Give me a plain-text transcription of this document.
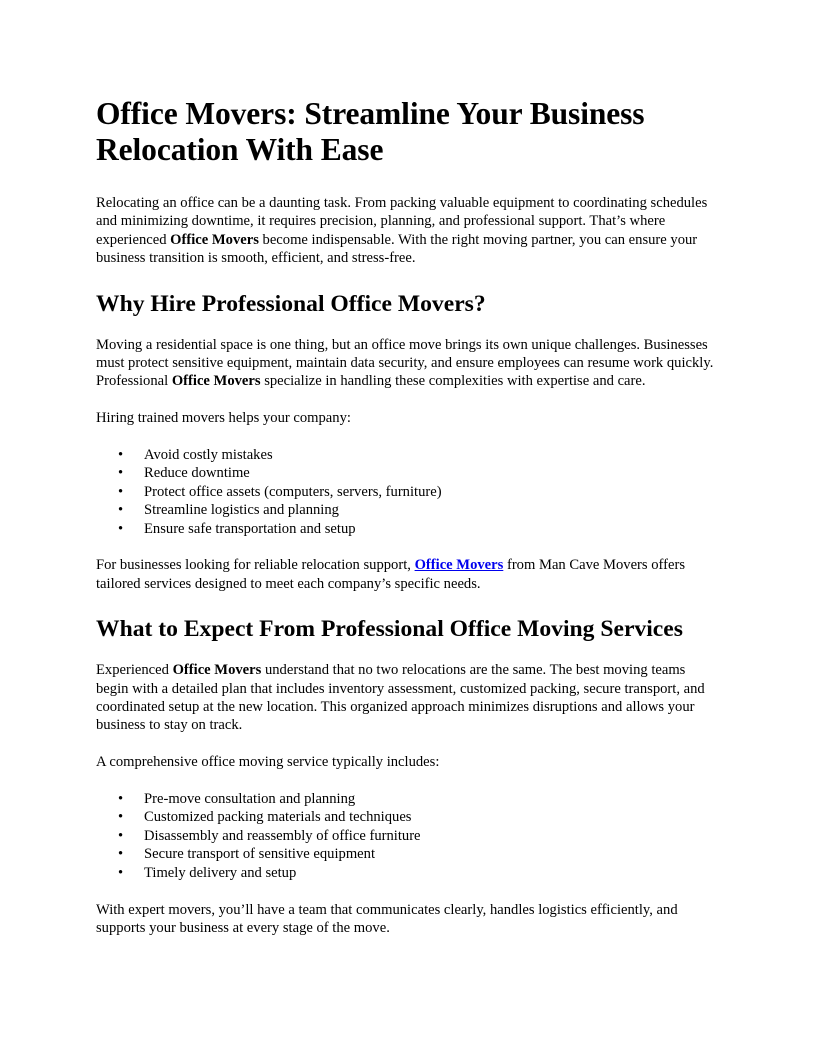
Office Movers: Streamline Your Business Relocation With Ease

Relocating an office can be a daunting task. From packing valuable equipment to coordinating schedules and minimizing downtime, it requires precision, planning, and professional support. That’s where experienced Office Movers become indispensable. With the right moving partner, you can ensure your business transition is smooth, efficient, and stress-free.

Why Hire Professional Office Movers?

Moving a residential space is one thing, but an office move brings its own unique challenges. Businesses must protect sensitive equipment, maintain data security, and ensure employees can resume work quickly. Professional Office Movers specialize in handling these complexities with expertise and care.

Hiring trained movers helps your company:

• Avoid costly mistakes
• Reduce downtime
• Protect office assets (computers, servers, furniture)
• Streamline logistics and planning
• Ensure safe transportation and setup

For businesses looking for reliable relocation support, Office Movers from Man Cave Movers offers tailored services designed to meet each company’s specific needs.

What to Expect From Professional Office Moving Services

Experienced Office Movers understand that no two relocations are the same. The best moving teams begin with a detailed plan that includes inventory assessment, customized packing, secure transport, and coordinated setup at the new location. This organized approach minimizes disruptions and allows your business to stay on track.

A comprehensive office moving service typically includes:

• Pre-move consultation and planning
• Customized packing materials and techniques
• Disassembly and reassembly of office furniture
• Secure transport of sensitive equipment
• Timely delivery and setup

With expert movers, you’ll have a team that communicates clearly, handles logistics efficiently, and supports your business at every stage of the move.
